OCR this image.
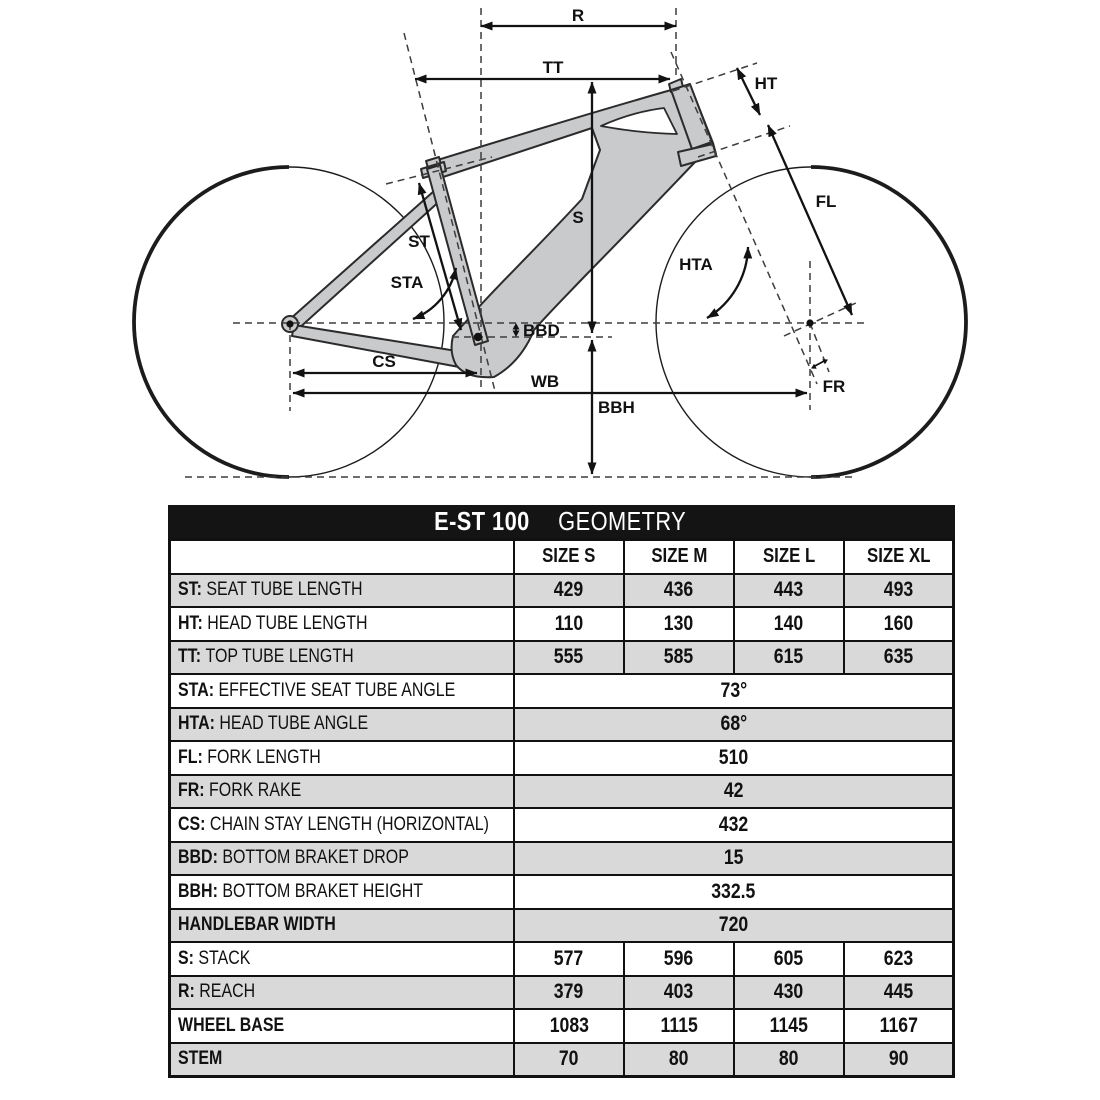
R
TT
HT
FL
HTA
S
ST
STA
CS
WB
BBH
BBD
FR
E-ST 100 GEOMETRY
SIZE S	SIZE M	SIZE L	SIZE XL
ST: SEAT TUBE LENGTH	429	436	443	493
HT: HEAD TUBE LENGTH	110	130	140	160
TT: TOP TUBE LENGTH	555	585	615	635
STA: EFFECTIVE SEAT TUBE ANGLE	73°
HTA: HEAD TUBE ANGLE	68°
FL: FORK LENGTH	510
FR: FORK RAKE	42
CS: CHAIN STAY LENGTH (HORIZONTAL)	432
BBD: BOTTOM BRAKET DROP	15
BBH: BOTTOM BRAKET HEIGHT	332.5
HANDLEBAR WIDTH	720
S: STACK	577	596	605	623
R: REACH	379	403	430	445
WHEEL BASE	1083	1115	1145	1167
STEM	70	80	80	90
